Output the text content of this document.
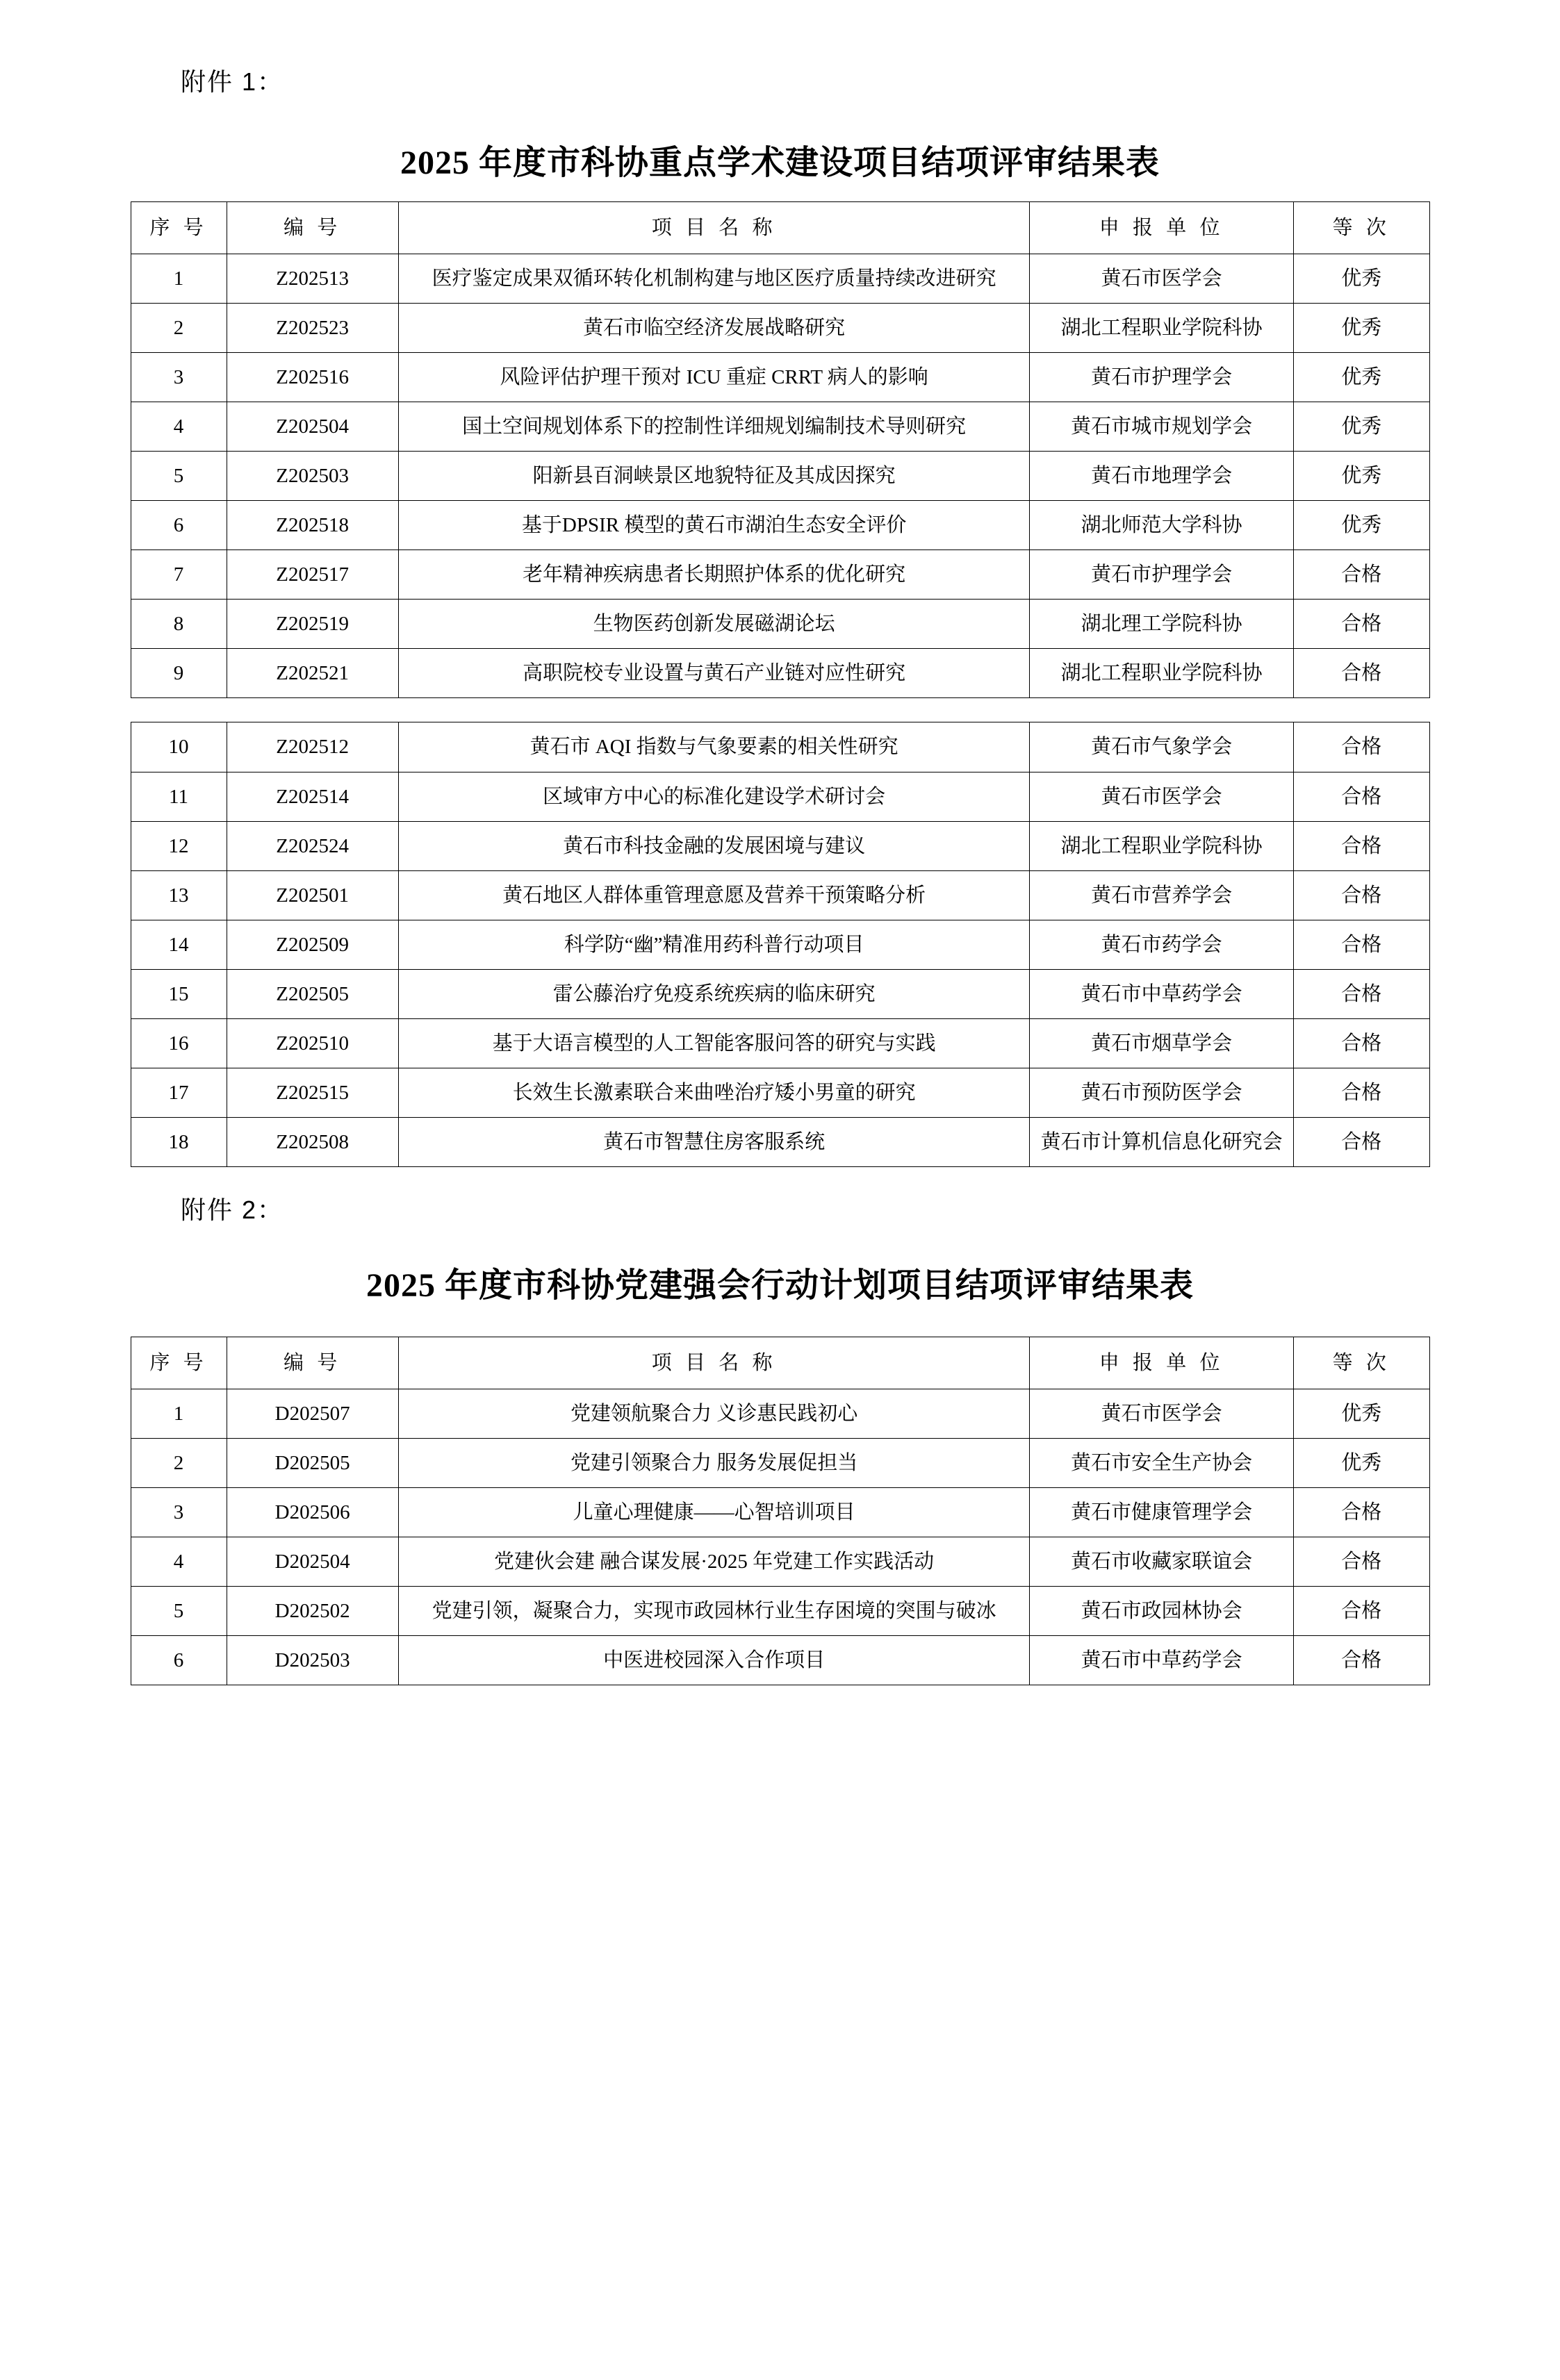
附件 1：
2025 年度市科协重点学术建设项目结项评审结果表
序 号	编 号	项 目 名 称	申 报 单 位	等 次
1	Z202513	医疗鉴定成果双循环转化机制构建与地区医疗质量持续改进研究	黄石市医学会	优秀
2	Z202523	黄石市临空经济发展战略研究	湖北工程职业学院科协	优秀
3	Z202516	风险评估护理干预对 ICU 重症 CRRT 病人的影响	黄石市护理学会	优秀
4	Z202504	国土空间规划体系下的控制性详细规划编制技术导则研究	黄石市城市规划学会	优秀
5	Z202503	阳新县百洞峡景区地貌特征及其成因探究	黄石市地理学会	优秀
6	Z202518	基于DPSIR 模型的黄石市湖泊生态安全评价	湖北师范大学科协	优秀
7	Z202517	老年精神疾病患者长期照护体系的优化研究	黄石市护理学会	合格
8	Z202519	生物医药创新发展磁湖论坛	湖北理工学院科协	合格
9	Z202521	高职院校专业设置与黄石产业链对应性研究	湖北工程职业学院科协	合格
10	Z202512	黄石市 AQI 指数与气象要素的相关性研究	黄石市气象学会	合格
11	Z202514	区域审方中心的标准化建设学术研讨会	黄石市医学会	合格
12	Z202524	黄石市科技金融的发展困境与建议	湖北工程职业学院科协	合格
13	Z202501	黄石地区人群体重管理意愿及营养干预策略分析	黄石市营养学会	合格
14	Z202509	科学防“幽”精准用药科普行动项目	黄石市药学会	合格
15	Z202505	雷公藤治疗免疫系统疾病的临床研究	黄石市中草药学会	合格
16	Z202510	基于大语言模型的人工智能客服问答的研究与实践	黄石市烟草学会	合格
17	Z202515	长效生长激素联合来曲唑治疗矮小男童的研究	黄石市预防医学会	合格
18	Z202508	黄石市智慧住房客服系统	黄石市计算机信息化研究会	合格
附件 2：
2025 年度市科协党建强会行动计划项目结项评审结果表
序 号	编 号	项 目 名 称	申 报 单 位	等 次
1	D202507	党建领航聚合力 义诊惠民践初心	黄石市医学会	优秀
2	D202505	党建引领聚合力 服务发展促担当	黄石市安全生产协会	优秀
3	D202506	儿童心理健康——心智培训项目	黄石市健康管理学会	合格
4	D202504	党建伙会建 融合谋发展·2025 年党建工作实践活动	黄石市收藏家联谊会	合格
5	D202502	党建引领，凝聚合力，实现市政园林行业生存困境的突围与破冰	黄石市政园林协会	合格
6	D202503	中医进校园深入合作项目	黄石市中草药学会	合格
